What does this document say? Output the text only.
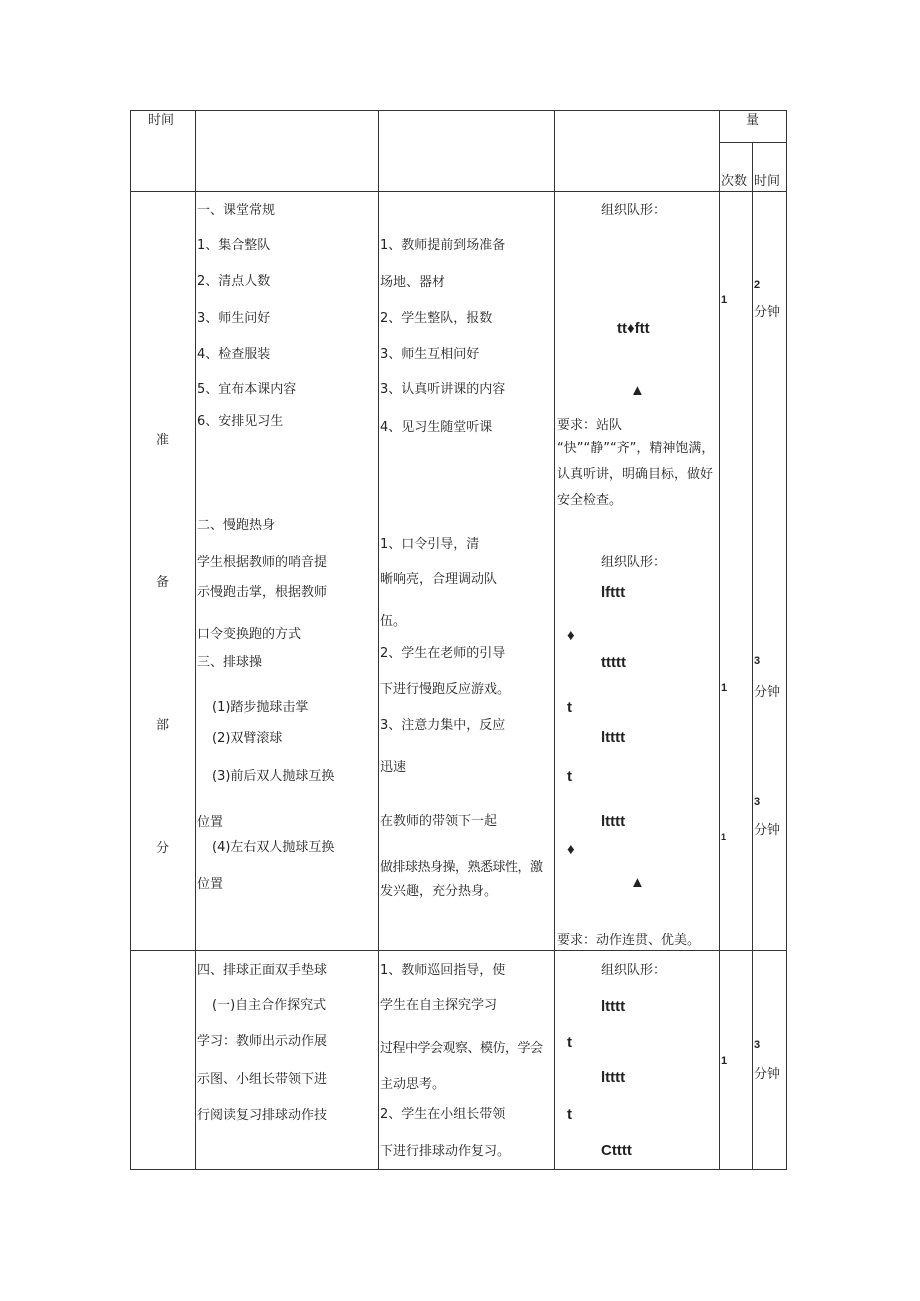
时间	量
次数 时间
准
备
部
分
一、课堂常规
1、集合整队
2、清点人数
3、师生问好
4、检查服装
5、宜布本课内容
6、安排见习生
二、慢跑热身
学生根据教师的哨音提
示慢跑击掌，根据教师
口令变换跑的方式
三、排球操
(1)踏步抛球击掌
(2)双臂滚球
(3)前后双人抛球互换
位置
(4)左右双人抛球互换
位置
四、排球正面双手垫球
(一)自主合作探究式
学习：教师出示动作展
示图、小组长带领下进
行阅读复习排球动作技
1、教师提前到场准备
场地、器材
2、学生整队，报数
3、师生互相问好
3、认真听讲课的内容
4、见习生随堂听课
1、口令引导，清
晰响亮，合理调动队
伍。
2、学生在老师的引导
下进行慢跑反应游戏。
3、注意力集中，反应
迅速
在教师的带领下一起
做排球热身操，熟悉球性，激
发兴趣，充分热身。
1、教师巡回指导，使
学生在自主探究学习
过程中学会观察、模仿，学会
主动思考。
2、学生在小组长带领
下进行排球动作复习。
组织队形：
tt♦ftt
▲
要求：站队
“快”“静”“齐”，精神饱满，认真听讲，明确目标，做好安全检查。
组织队形：
lfttt
♦
ttttt
t
ltttt
t
ltttt
♦
▲
要求：动作连贯、优美。
组织队形：
ltttt
t
ltttt
t
Ctttt
1
2
分钟
1
3
分钟
1
3
分钟
1
3
分钟
